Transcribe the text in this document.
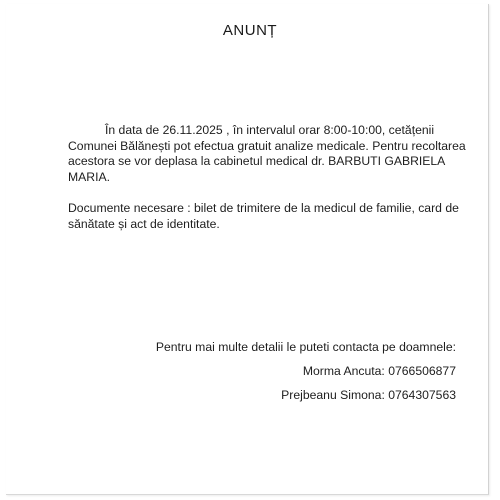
ANUNȚ

În data de 26.11.2025 , în intervalul orar 8:00-10:00, cetățenii Comunei Bălănești pot efectua gratuit analize medicale. Pentru recoltarea acestora se vor deplasa la cabinetul medical dr. BARBUTI GABRIELA MARIA.

Documente necesare : bilet de trimitere de la medicul de familie, card de sănătate și act de identitate.

Pentru mai multe detalii le puteti contacta pe doamnele:
Morma Ancuta: 0766506877
Prejbeanu Simona: 0764307563
